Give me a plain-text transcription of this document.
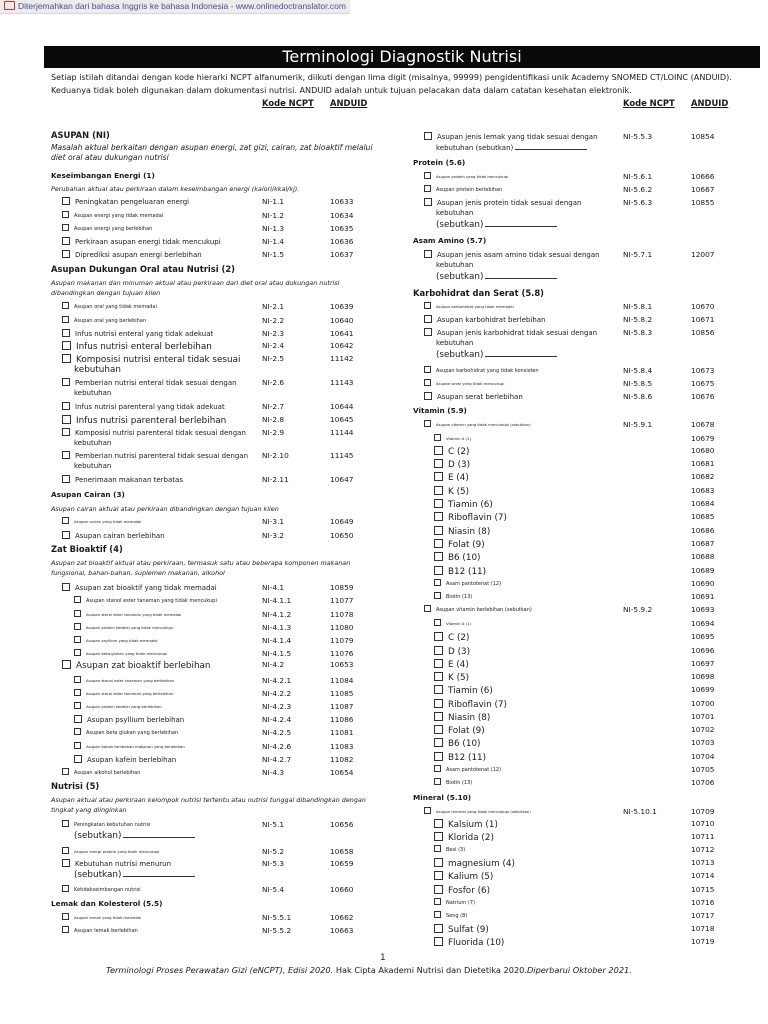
Diterjemahkan dari bahasa Inggris ke bahasa Indonesia - www.onlinedoctranslator.com
Terminologi Diagnostik Nutrisi
Setiap istilah ditandai dengan kode hierarki NCPT alfanumerik, diikuti dengan lima digit (misalnya, 99999) pengidentifikasi unik Academy SNOMED CT/LOINC (ANDUID). Keduanya tidak boleh digunakan dalam dokumentasi nutrisi. ANDUID adalah untuk tujuan pelacakan data dalam catatan kesehatan elektronik.
Kode NCPT ANDUID	Kode NCPT ANDUID
ASUPAN (NI)
Masalah aktual berkaitan dengan asupan energi, zat gizi, cairan, zat bioaktif melalui diet oral atau dukungan nutrisi
Keseimbangan Energi (1)
Perubahan aktual atau perkiraan dalam keseimbangan energi (kalori/kkal/kj).
Peningkatan pengeluaran energi	NI-1.1	10633
Asupan energi yang tidak memadai	NI-1.2	10634
Asupan energi yang berlebihan	NI-1.3	10635
Perkiraan asupan energi tidak mencukupi	NI-1.4	10636
Diprediksi asupan energi berlebihan	NI-1.5	10637
Asupan Dukungan Oral atau Nutrisi (2)
Asupan makanan dan minuman aktual atau perkiraan dari diet oral atau dukungan nutrisi dibandingkan dengan tujuan klien
Asupan oral yang tidak memadai	NI-2.1	10639
Asupan oral yang berlebihan	NI-2.2	10640
Infus nutrisi enteral yang tidak adekuat	NI-2.3	10641
Infus nutrisi enteral berlebihan	NI-2.4	10642
Komposisi nutrisi enteral tidak sesuai
kebutuhan
NI-2.5	11142
Pemberian nutrisi enteral tidak sesuai dengan
kebutuhan
NI-2.6	11143
Infus nutrisi parenteral yang tidak adekuat	NI-2.7	10644
Infus nutrisi parenteral berlebihan	NI-2.8	10645
Komposisi nutrisi parenteral tidak sesuai dengan
kebutuhan
NI-2.9	11144
Pemberian nutrisi parenteral tidak sesuai dengan
kebutuhan
NI-2.10	11145
Penerimaan makanan terbatas	NI-2.11	10647
Asupan Cairan (3)
Asupan cairan aktual atau perkiraan dibandingkan dengan tujuan klien
Asupan cairan yang tidak memadai	NI-3.1	10649
Asupan cairan berlebihan	NI-3.2	10650
Zat Bioaktif (4)
Asupan zat bioaktif aktual atau perkiraan, termasuk satu atau beberapa komponen makanan fungsional, bahan-bahan, suplemen makanan, alkohol
Asupan zat bioaktif yang tidak memadai	NI-4.1	10859
Asupan stanol ester tanaman yang tidak mencukupi	NI-4.1.1	11077
Asupan sterol ester tanaman yang tidak memadai	NI-4.1.2	11078
Asupan protein kedelai yang tidak mencukupi	NI-4.1.3	11080
Asupan psyllium yang tidak memadai	NI-4.1.4	11079
Asupan beta-glukan yang tidak mencukupi	NI-4.1.5	11076
Asupan zat bioaktif berlebihan	NI-4.2	10653
Asupan stanol ester tanaman yang berlebihan	NI-4.2.1	11084
Asupan sterol ester tanaman yang berlebihan	NI-4.2.2	11085
Asupan protein kedelai yang berlebihan	NI-4.2.3	11087
Asupan psyllium berlebihan	NI-4.2.4	11086
Asupan beta glukan yang berlebihan	NI-4.2.5	11081
Asupan bahan tambahan makanan yang berlebihan	NI-4.2.6	11083
Asupan kafein berlebihan	NI-4.2.7	11082
Asupan alkohol berlebihan	NI-4.3	10654
Nutrisi (5)
Asupan aktual atau perkiraan kelompok nutrisi tertentu atau nutrisi tunggal dibandingkan dengan tingkat yang diinginkan
Peningkatan kebutuhan nutrisi
(sebutkan)
NI-5.1	10656
Asupan energi protein yang tidak mencukupi	NI-5.2	10658
Kebutuhan nutrisi menurun
(sebutkan)
NI-5.3	10659
Ketidakseimbangan nutrisi	NI-5.4	10660
Lemak dan Kolesterol (5.5)
Asupan lemak yang tidak memadai	NI-5.5.1	10662
Asupan lemak berlebihan	NI-5.5.2	10663
Asupan jenis lemak yang tidak sesuai dengan
kebutuhan (sebutkan)
NI-5.5.3	10854
Protein (5.6)
Asupan protein yang tidak mencukupi	NI-5.6.1	10666
Asupan protein berlebihan	NI-5.6.2	10667
Asupan jenis protein tidak sesuai dengan
kebutuhan
(sebutkan)
NI-5.6.3	10855
Asam Amino (5.7)
Asupan jenis asam amino tidak sesuai dengan
kebutuhan
(sebutkan)
NI-5.7.1	12007
Karbohidrat dan Serat (5.8)
Asupan karbohidrat yang tidak memadai	NI-5.8.1	10670
Asupan karbohidrat berlebihan	NI-5.8.2	10671
Asupan jenis karbohidrat tidak sesuai dengan
kebutuhan
(sebutkan)
NI-5.8.3	10856
Asupan karbohidrat yang tidak konsisten	NI-5.8.4	10673
Asupan serat yang tidak mencukupi	NI-5.8.5	10675
Asupan serat berlebihan	NI-5.8.6	10676
Vitamin (5.9)
Asupan vitamin yang tidak mencukupi (sebutkan)	NI-5.9.1	10678
Vitamin A (1)	10679
C (2)	10680
D (3)	10681
E (4)	10682
K (5)	10683
Tiamin (6)	10684
Riboflavin (7)	10685
Niasin (8)	10686
Folat (9)	10687
B6 (10)	10688
B12 (11)	10689
Asam pantotenat (12)	10690
Biotin (13)	10691
Asupan vitamin berlebihan (sebutkan)	NI-5.9.2	10693
Vitamin A (1)	10694
C (2)	10695
D (3)	10696
E (4)	10697
K (5)	10698
Tiamin (6)	10699
Riboflavin (7)	10700
Niasin (8)	10701
Folat (9)	10702
B6 (10)	10703
B12 (11)	10704
Asam pantotenat (12)	10705
Biotin (13)	10706
Mineral (5.10)
Asupan mineral yang tidak mencukupi (sebutkan)	NI-5.10.1	10709
Kalsium (1)	10710
Klorida (2)	10711
Besi (3)	10712
magnesium (4)	10713
Kalium (5)	10714
Fosfor (6)	10715
Natrium (7)	10716
Seng (8)	10717
Sulfat (9)	10718
Fluorida (10)	10719
1
Terminologi Proses Perawatan Gizi (eNCPT), Edisi 2020. Hak Cipta Akademi Nutrisi dan Dietetika 2020.Diperbarui Oktober 2021.
